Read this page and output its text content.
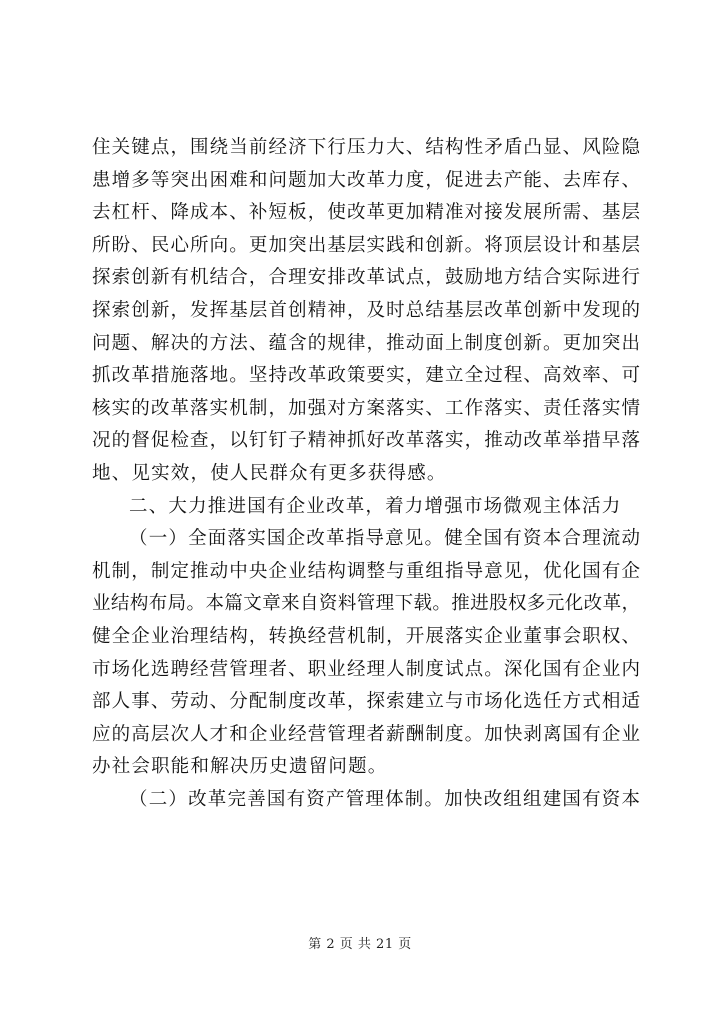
住关键点，围绕当前经济下行压力大、结构性矛盾凸显、风险隐
患增多等突出困难和问题加大改革力度，促进去产能、去库存、
去杠杆、降成本、补短板，使改革更加精准对接发展所需、基层
所盼、民心所向。更加突出基层实践和创新。将顶层设计和基层
探索创新有机结合，合理安排改革试点，鼓励地方结合实际进行
探索创新，发挥基层首创精神，及时总结基层改革创新中发现的
问题、解决的方法、蕴含的规律，推动面上制度创新。更加突出
抓改革措施落地。坚持改革政策要实，建立全过程、高效率、可
核实的改革落实机制，加强对方案落实、工作落实、责任落实情
况的督促检查，以钉钉子精神抓好改革落实，推动改革举措早落
地、见实效，使人民群众有更多获得感。
二、大力推进国有企业改革，着力增强市场微观主体活力
（一）全面落实国企改革指导意见。健全国有资本合理流动
机制，制定推动中央企业结构调整与重组指导意见，优化国有企
业结构布局。本篇文章来自资料管理下载。推进股权多元化改革，
健全企业治理结构，转换经营机制，开展落实企业董事会职权、
市场化选聘经营管理者、职业经理人制度试点。深化国有企业内
部人事、劳动、分配制度改革，探索建立与市场化选任方式相适
应的高层次人才和企业经营管理者薪酬制度。加快剥离国有企业
办社会职能和解决历史遗留问题。
（二）改革完善国有资产管理体制。加快改组组建国有资本
第 2 页 共 21 页
